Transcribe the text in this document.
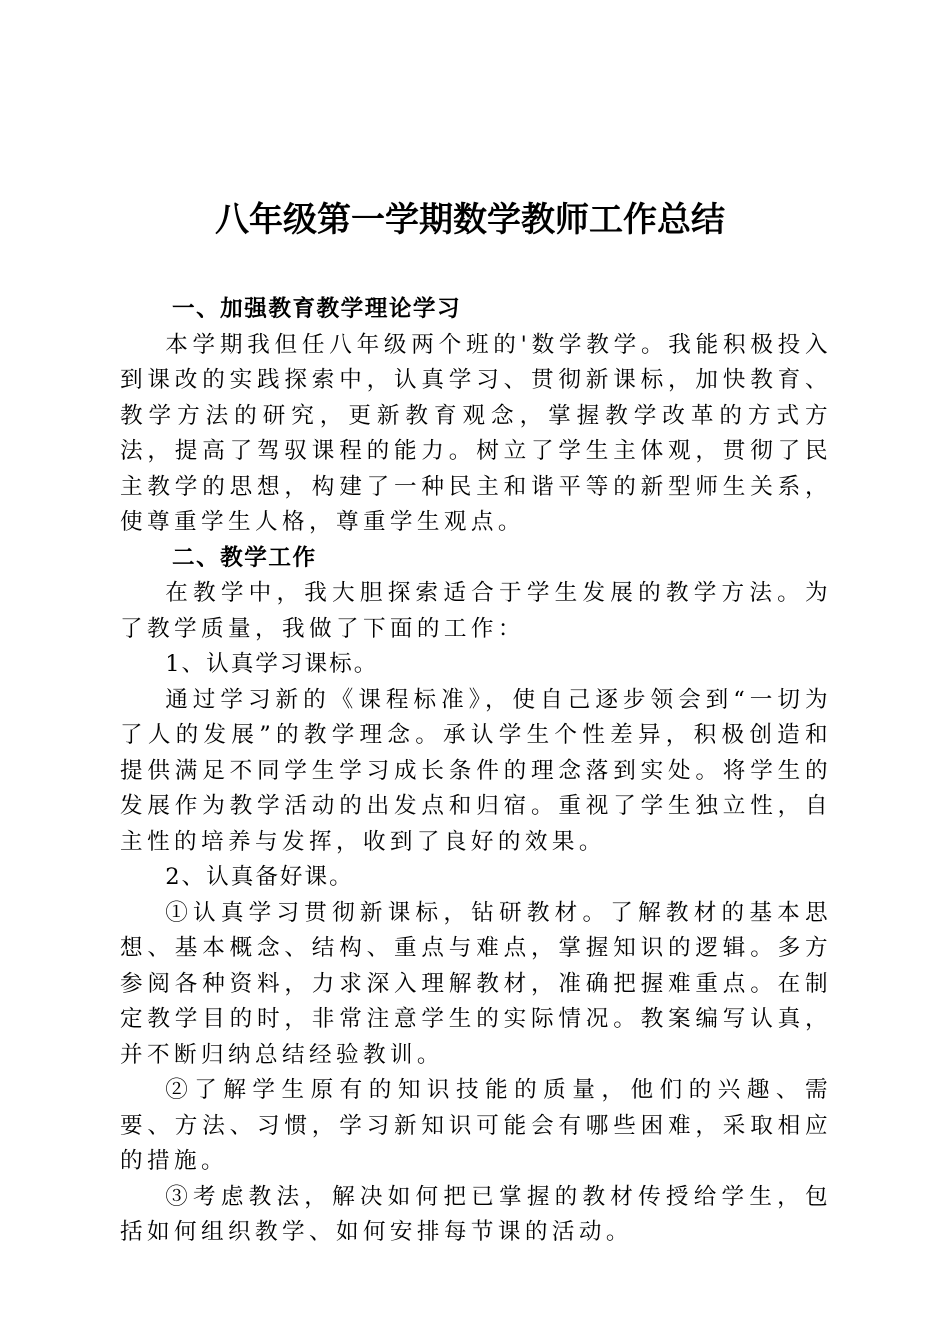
八年级第一学期数学教师工作总结

一、加强教育教学理论学习

本学期我但任八年级两个班的'数学教学。我能积极投入到课改的实践探索中，认真学习、贯彻新课标，加快教育、教学方法的研究，更新教育观念，掌握教学改革的方式方法，提高了驾驭课程的能力。树立了学生主体观，贯彻了民主教学的思想，构建了一种民主和谐平等的新型师生关系，使尊重学生人格，尊重学生观点。

二、教学工作

在教学中，我大胆探索适合于学生发展的教学方法。为了教学质量，我做了下面的工作：

1、认真学习课标。

通过学习新的《课程标准》，使自己逐步领会到“一切为了人的发展”的教学理念。承认学生个性差异，积极创造和提供满足不同学生学习成长条件的理念落到实处。将学生的发展作为教学活动的出发点和归宿。重视了学生独立性，自主性的培养与发挥，收到了良好的效果。

2、认真备好课。

①认真学习贯彻新课标，钻研教材。了解教材的基本思想、基本概念、结构、重点与难点，掌握知识的逻辑。多方参阅各种资料，力求深入理解教材，准确把握难重点。在制定教学目的时，非常注意学生的实际情况。教案编写认真，并不断归纳总结经验教训。

②了解学生原有的知识技能的质量，他们的兴趣、需要、方法、习惯，学习新知识可能会有哪些困难，采取相应的措施。

③考虑教法，解决如何把已掌握的教材传授给学生，包括如何组织教学、如何安排每节课的活动。
